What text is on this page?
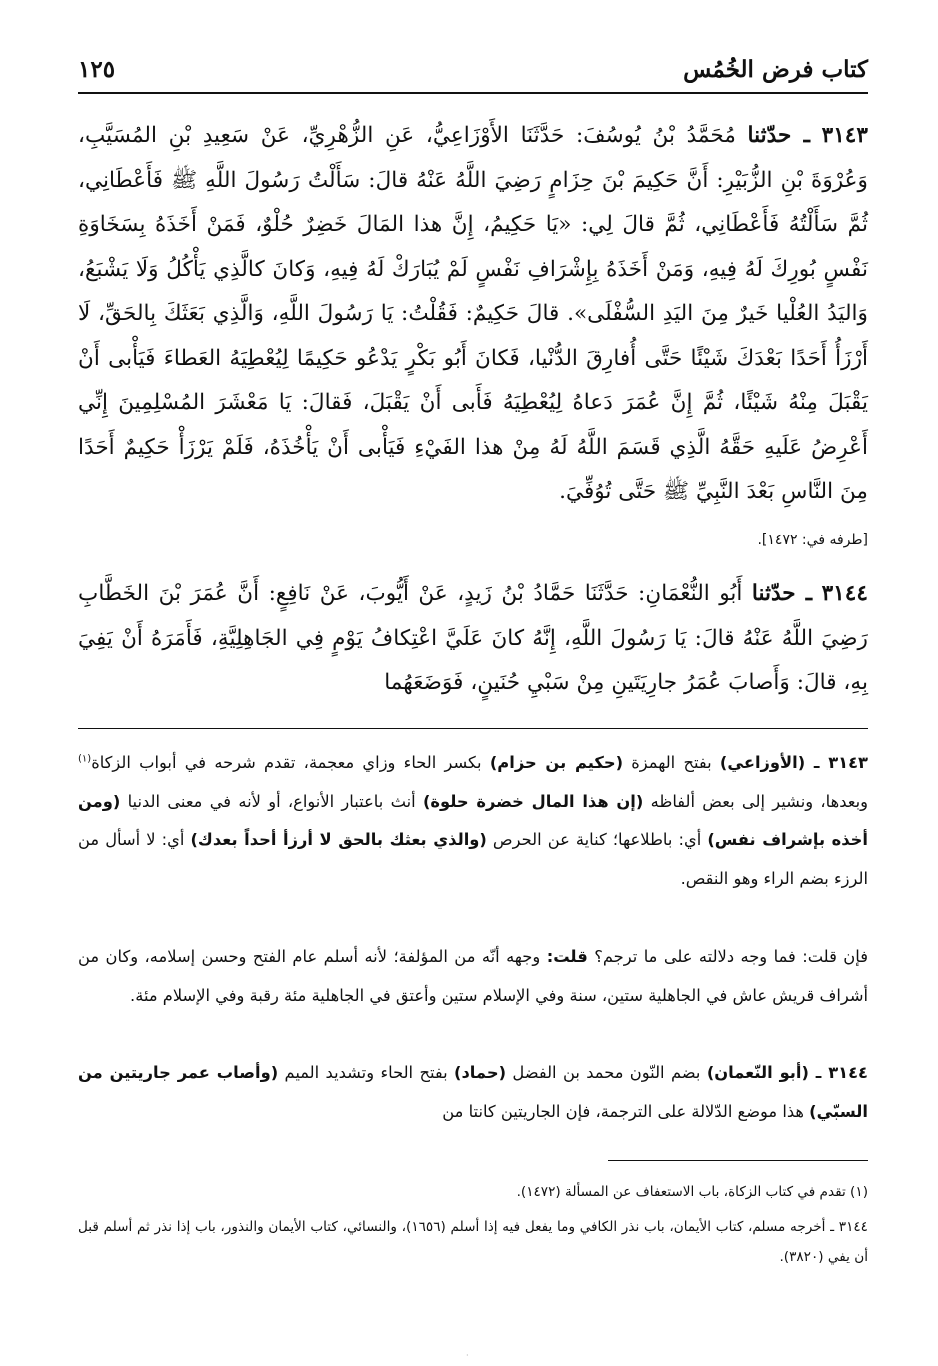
كتاب فرض الخُمُس
١٢٥

٣١٤٣ ـ حدّثنا مُحَمَّدُ بْنُ يُوسُفَ: حَدَّثَنَا الأَوْزَاعِيُّ، عَنِ الزُّهْرِيِّ، عَنْ سَعِيدِ بْنِ المُسَيَّبِ، وَعُرْوَةَ بْنِ الزُّبَيْرِ: أَنَّ حَكِيمَ بْنَ حِزَامٍ رَضِيَ اللَّهُ عَنْهُ قالَ: سَأَلْتُ رَسُولَ اللَّهِ ﷺ فَأَعْطَانِي، ثُمَّ سَأَلْتُهُ فَأَعْطَانِي، ثُمَّ قالَ لِي: «يَا حَكِيمُ، إِنَّ هذا المَالَ خَضِرٌ حُلْوٌ، فَمَنْ أَخَذَهُ بِسَخَاوَةِ نَفْسٍ بُورِكَ لَهُ فِيهِ، وَمَنْ أَخَذَهُ بِإِشْرَافِ نَفْسٍ لَمْ يُبَارَكْ لَهُ فِيهِ، وَكانَ كالَّذِي يَأْكُلُ وَلَا يَشْبَعُ، وَاليَدُ العُلْيا خَيرٌ مِنَ اليَدِ السُّفْلَى». قالَ حَكِيمٌ: فَقُلْتُ: يَا رَسُولَ اللَّهِ، وَالَّذِي بَعَثَكَ بِالحَقِّ، لَا أَرْزَأُ أَحَدًا بَعْدَكَ شَيْئًا حَتَّى أُفارِقَ الدُّنْيا، فَكانَ أَبُو بَكْرٍ يَدْعُو حَكِيمًا لِيُعْطِيَهُ العَطاءَ فَيَأْبى أَنْ يَقْبَلَ مِنْهُ شَيْئًا، ثُمَّ إِنَّ عُمَرَ دَعاهُ لِيُعْطِيَهُ فَأَبى أَنْ يَقْبَلَ، فَقالَ: يَا مَعْشَرَ المُسْلِمِينَ إِنِّي أَعْرِضُ عَلَيهِ حَقَّهُ الَّذِي قَسَمَ اللَّهُ لَهُ مِنْ هذا الفَيْءِ فَيَأْبى أَنْ يَأْخُذَهُ، فَلَمْ يَرْزَأْ حَكِيمٌ أَحَدًا مِنَ النَّاسِ بَعْدَ النَّبِيِّ ﷺ حَتَّى تُوُفِّيَ.

[طرفه في: ١٤٧٢].

٣١٤٤ ـ حدّثنا أَبُو النُّعْمَانِ: حَدَّثَنَا حَمَّادُ بْنُ زَيدٍ، عَنْ أَيُّوبَ، عَنْ نَافِعٍ: أَنَّ عُمَرَ بْنَ الخَطَّابِ رَضِيَ اللَّهُ عَنْهُ قالَ: يَا رَسُولَ اللَّهِ، إِنَّهُ كانَ عَلَيَّ اعْتِكافُ يَوْمٍ فِي الجَاهِلِيَّةِ، فَأَمَرَهُ أَنْ يَفِيَ بِهِ، قالَ: وَأَصابَ عُمَرُ جارِيَتَينِ مِنْ سَبْيِ حُنَينٍ، فَوَضَعَهُما

٣١٤٣ ـ (الأوزاعي) بفتح الهمزة (حكيم بن حزام) بكسر الحاء وزاي معجمة، تقدم شرحه في أبواب الزكاة$^{(١)}$ وبعدها، ونشير إلى بعض ألفاظه (إن هذا المال خضرة حلوة) أنث باعتبار الأنواع، أو لأنه في معنى الدنيا (ومن أخذه بإشراف نفس) أي: باطلاعها؛ كناية عن الحرص (والذي بعثك بالحق لا أرزأ أحداً بعدك) أي: لا أسأل من الرزء بضم الراء وهو النقص.

فإن قلت: فما وجه دلالته على ما ترجم؟ قلت: وجهه أنّه من المؤلفة؛ لأنه أسلم عام الفتح وحسن إسلامه، وكان من أشراف قريش عاش في الجاهلية ستين، سنة وفي الإسلام ستين وأعتق في الجاهلية مئة رقبة وفي الإسلام مئة.

٣١٤٤ ـ (أبو النّعمان) بضم النّون محمد بن الفضل (حماد) بفتح الحاء وتشديد الميم (وأصاب عمر جاريتين من السبّي) هذا موضع الدّلالة على الترجمة، فإن الجاريتين كانتا من

(١) تقدم في كتاب الزكاة، باب الاستعفاف عن المسألة (١٤٧٢).

٣١٤٤ ـ أخرجه مسلم، كتاب الأيمان، باب نذر الكافي وما يفعل فيه إذا أسلم (١٦٥٦)، والنسائي، كتاب الأيمان والنذور، باب إذا نذر ثم أسلم قبل أن يفي (٣٨٢٠).

·
